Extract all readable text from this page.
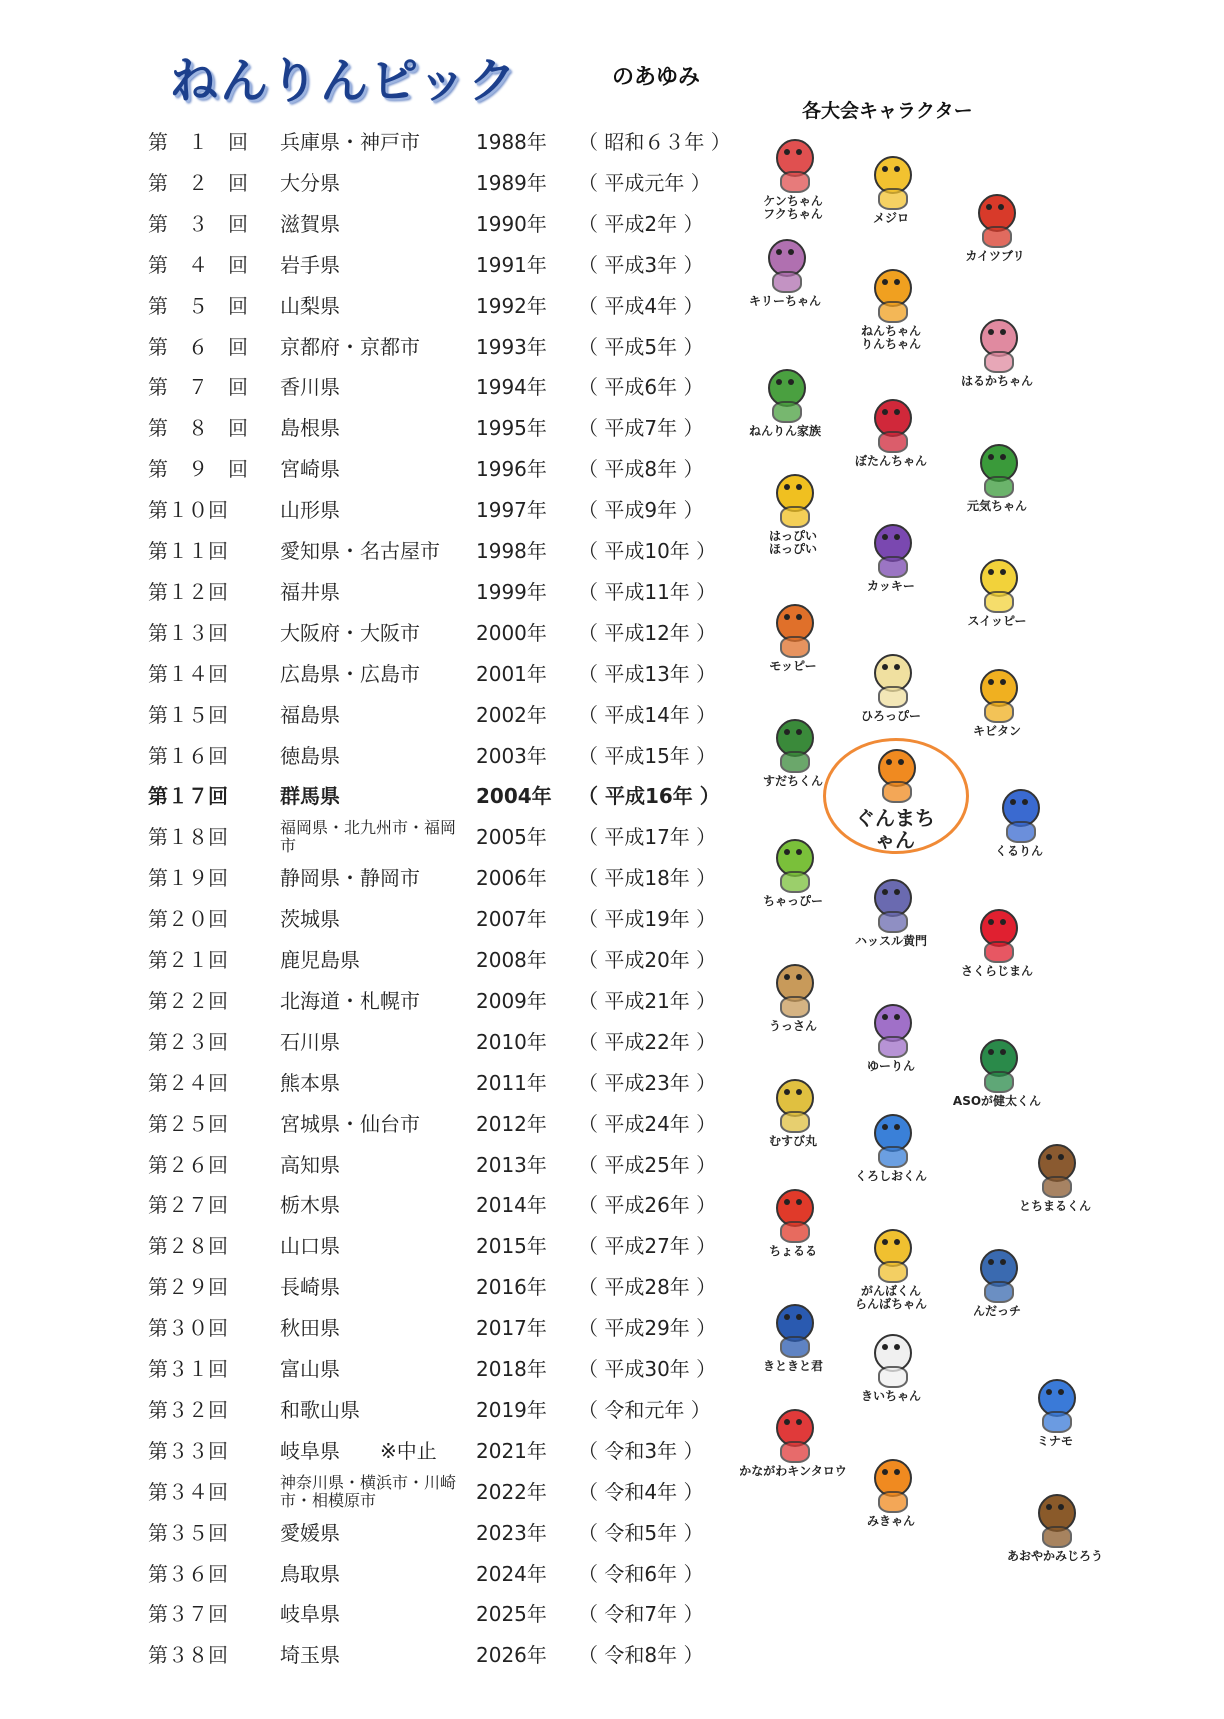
ねんりんピック	のあゆみ
各大会キャラクター
第　１　回	兵庫県・神戸市	1988年	（ 昭和６３年 ）
第　２　回	大分県	1989年	（ 平成元年 ）
第　３　回	滋賀県	1990年	（ 平成2年 ）
第　４　回	岩手県	1991年	（ 平成3年 ）
第　５　回	山梨県	1992年	（ 平成4年 ）
第　６　回	京都府・京都市	1993年	（ 平成5年 ）
第　７　回	香川県	1994年	（ 平成6年 ）
第　８　回	島根県	1995年	（ 平成7年 ）
第　９　回	宮崎県	1996年	（ 平成8年 ）
第１０回	山形県	1997年	（ 平成9年 ）
第１１回	愛知県・名古屋市	1998年	（ 平成10年 ）
第１２回	福井県	1999年	（ 平成11年 ）
第１３回	大阪府・大阪市	2000年	（ 平成12年 ）
第１４回	広島県・広島市	2001年	（ 平成13年 ）
第１５回	福島県	2002年	（ 平成14年 ）
第１６回	徳島県	2003年	（ 平成15年 ）
第１７回	群馬県	2004年	（ 平成16年 ）
第１８回	福岡県・北九州市・福岡市	2005年	（ 平成17年 ）
第１９回	静岡県・静岡市	2006年	（ 平成18年 ）
第２０回	茨城県	2007年	（ 平成19年 ）
第２１回	鹿児島県	2008年	（ 平成20年 ）
第２２回	北海道・札幌市	2009年	（ 平成21年 ）
第２３回	石川県	2010年	（ 平成22年 ）
第２４回	熊本県	2011年	（ 平成23年 ）
第２５回	宮城県・仙台市	2012年	（ 平成24年 ）
第２６回	高知県	2013年	（ 平成25年 ）
第２７回	栃木県	2014年	（ 平成26年 ）
第２８回	山口県	2015年	（ 平成27年 ）
第２９回	長崎県	2016年	（ 平成28年 ）
第３０回	秋田県	2017年	（ 平成29年 ）
第３１回	富山県	2018年	（ 平成30年 ）
第３２回	和歌山県	2019年	（ 令和元年 ）
第３３回	岐阜県　　※中止	2021年	（ 令和3年 ）
第３４回	神奈川県・横浜市・川崎市・相模原市	2022年	（ 令和4年 ）
第３５回	愛媛県	2023年	（ 令和5年 ）
第３６回	鳥取県	2024年	（ 令和6年 ）
第３７回	岐阜県	2025年	（ 令和7年 ）
第３８回	埼玉県	2026年	（ 令和8年 ）
ケンちゃん
フクちゃん	メジロ
カイツブリ
キリーちゃん
ねんちゃん
りんちゃん
はるかちゃん
ねんりん家族
ぼたんちゃん
元気ちゃん
はっぴい
ほっぴい
カッキー
スイッピー
モッピー
ひろっぴー
キビタン
すだちくん
ぐんまちゃん	くるりん
ちゃっぴー
ハッスル黄門
さくらじまん
うっさん
ゆーりん
ASOが健太くん
むすび丸
くろしおくん
とちまるくん
ちょるる
がんばくん
らんばちゃん	んだっチ
きときと君
きいちゃん
ミナモ
かながわキンタロウ
みきゃん
あおやかみじろう
